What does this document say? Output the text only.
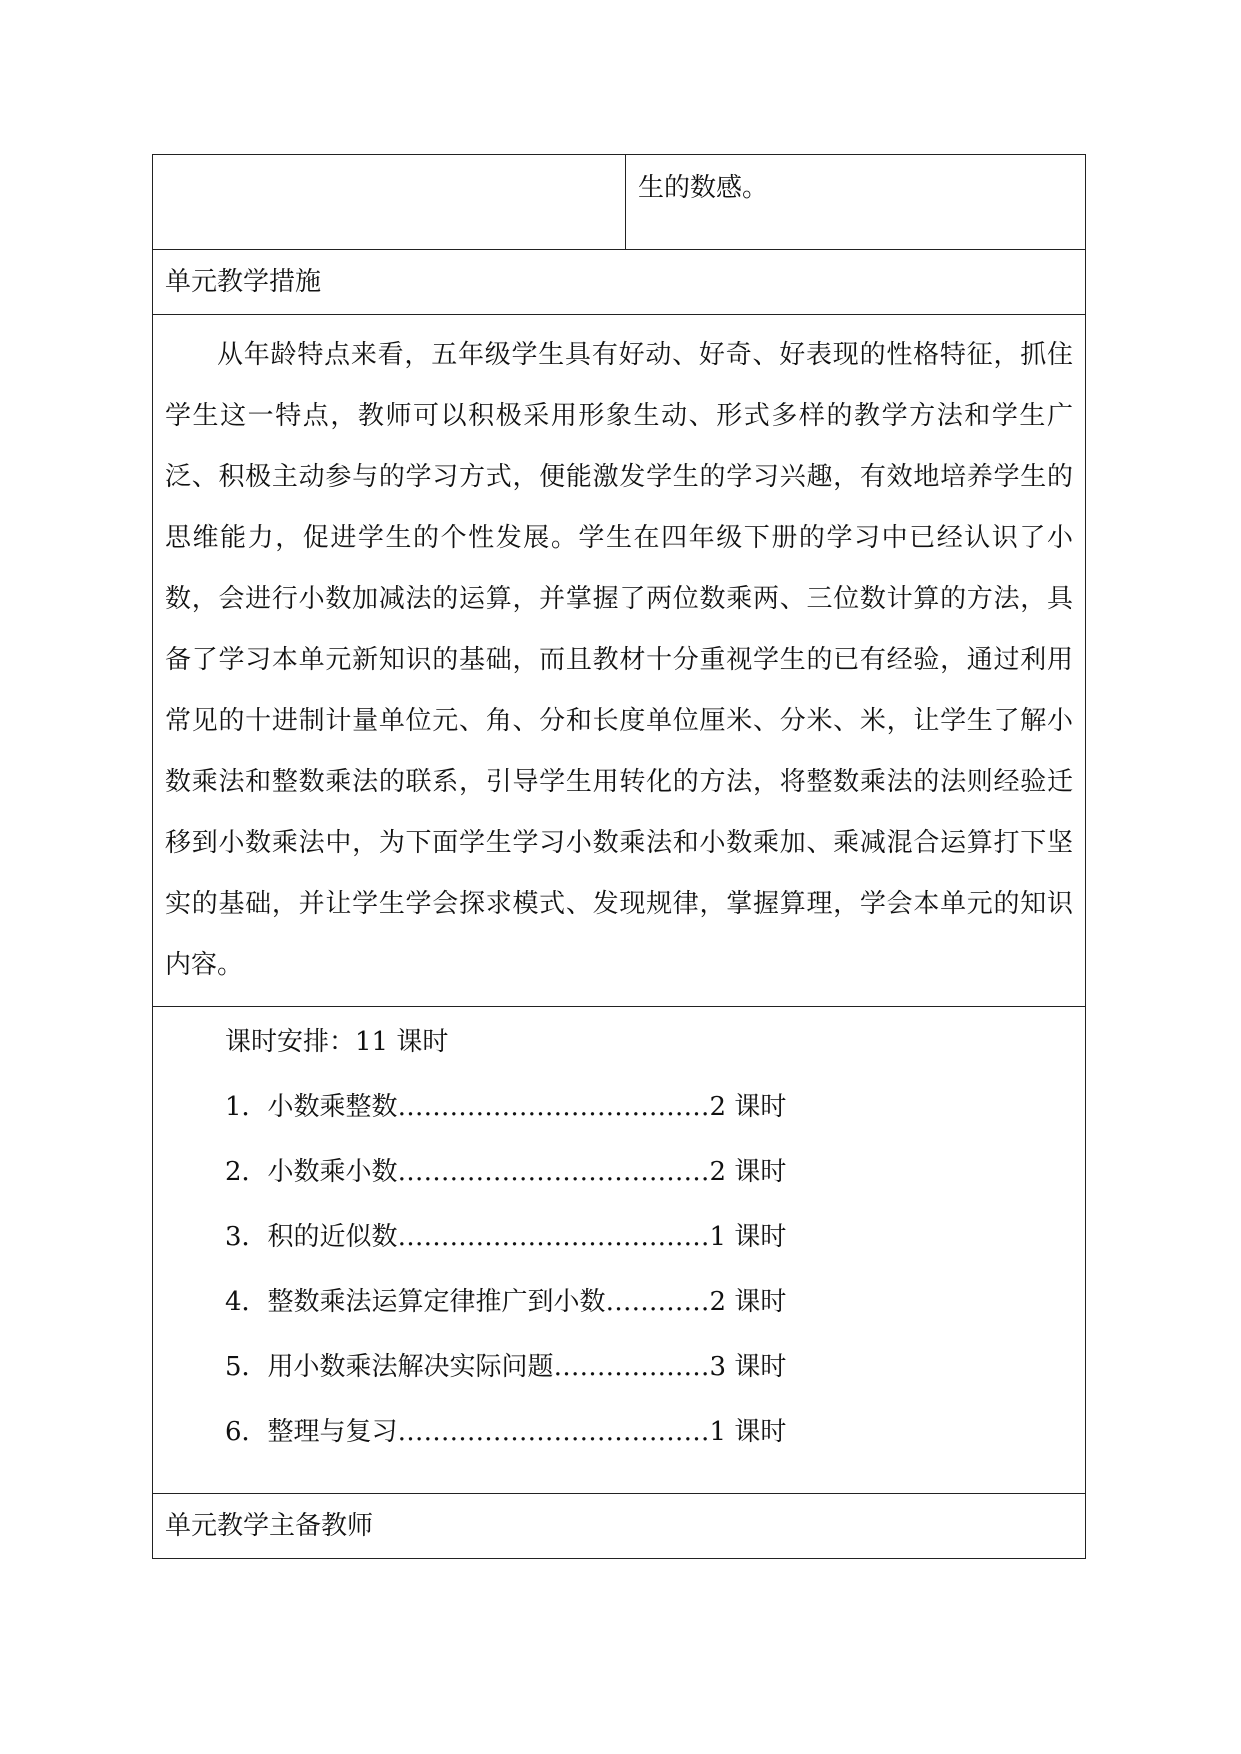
生的数感。
单元教学措施
从年龄特点来看，五年级学生具有好动、好奇、好表现的性格特征，抓住学生这一特点，教师可以积极采用形象生动、形式多样的教学方法和学生广泛、积极主动参与的学习方式，便能激发学生的学习兴趣，有效地培养学生的思维能力，促进学生的个性发展。学生在四年级下册的学习中已经认识了小数，会进行小数加减法的运算，并掌握了两位数乘两、三位数计算的方法，具备了学习本单元新知识的基础，而且教材十分重视学生的已有经验，通过利用常见的十进制计量单位元、角、分和长度单位厘米、分米、米，让学生了解小数乘法和整数乘法的联系，引导学生用转化的方法，将整数乘法的法则经验迁移到小数乘法中，为下面学生学习小数乘法和小数乘加、乘减混合运算打下坚实的基础，并让学生学会探求模式、发现规律，掌握算理，学会本单元的知识内容。
课时安排：11 课时
1．小数乘整数………………………………2 课时
2．小数乘小数………………………………2 课时
3．积的近似数………………………………1 课时
4．整数乘法运算定律推广到小数…………2 课时
5．用小数乘法解决实际问题………………3 课时
6．整理与复习………………………………1 课时
单元教学主备教师
